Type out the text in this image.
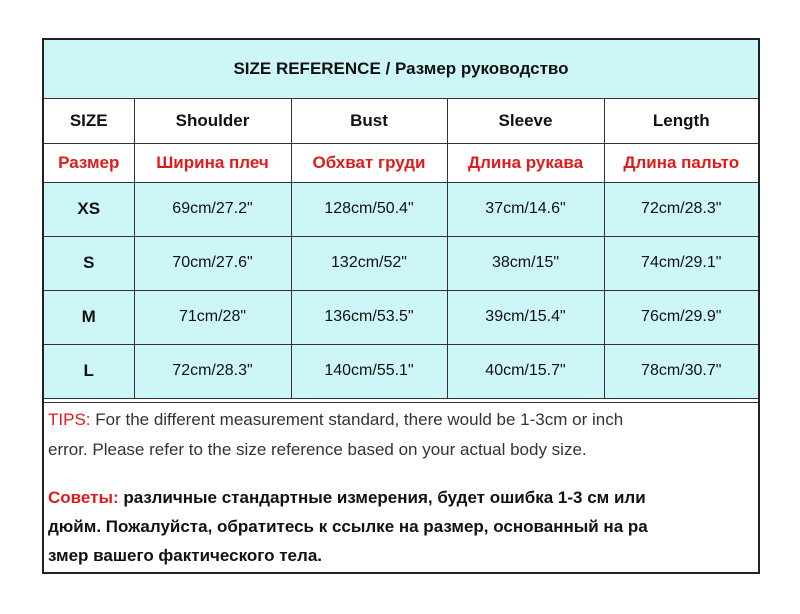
SIZE REFERENCE / Размер руководство
SIZE	Shoulder	Bust	Sleeve	Length
Размер	Ширина плеч	Обхват груди	Длина рукава	Длина пальто
XS	69cm/27.2"	128cm/50.4"	37cm/14.6"	72cm/28.3"
S	70cm/27.6"	132cm/52"	38cm/15"	74cm/29.1"
M	71cm/28"	136cm/53.5"	39cm/15.4"	76cm/29.9"
L	72cm/28.3"	140cm/55.1"	40cm/15.7"	78cm/30.7"
TIPS: For the different measurement standard, there would be 1-3cm or inch
error. Please refer to the size reference based on your actual body size.
Советы: различные стандартные измерения, будет ошибка 1-3 см или
дюйм. Пожалуйста, обратитесь к ссылке на размер, основанный на ра
змер вашего фактического тела.
